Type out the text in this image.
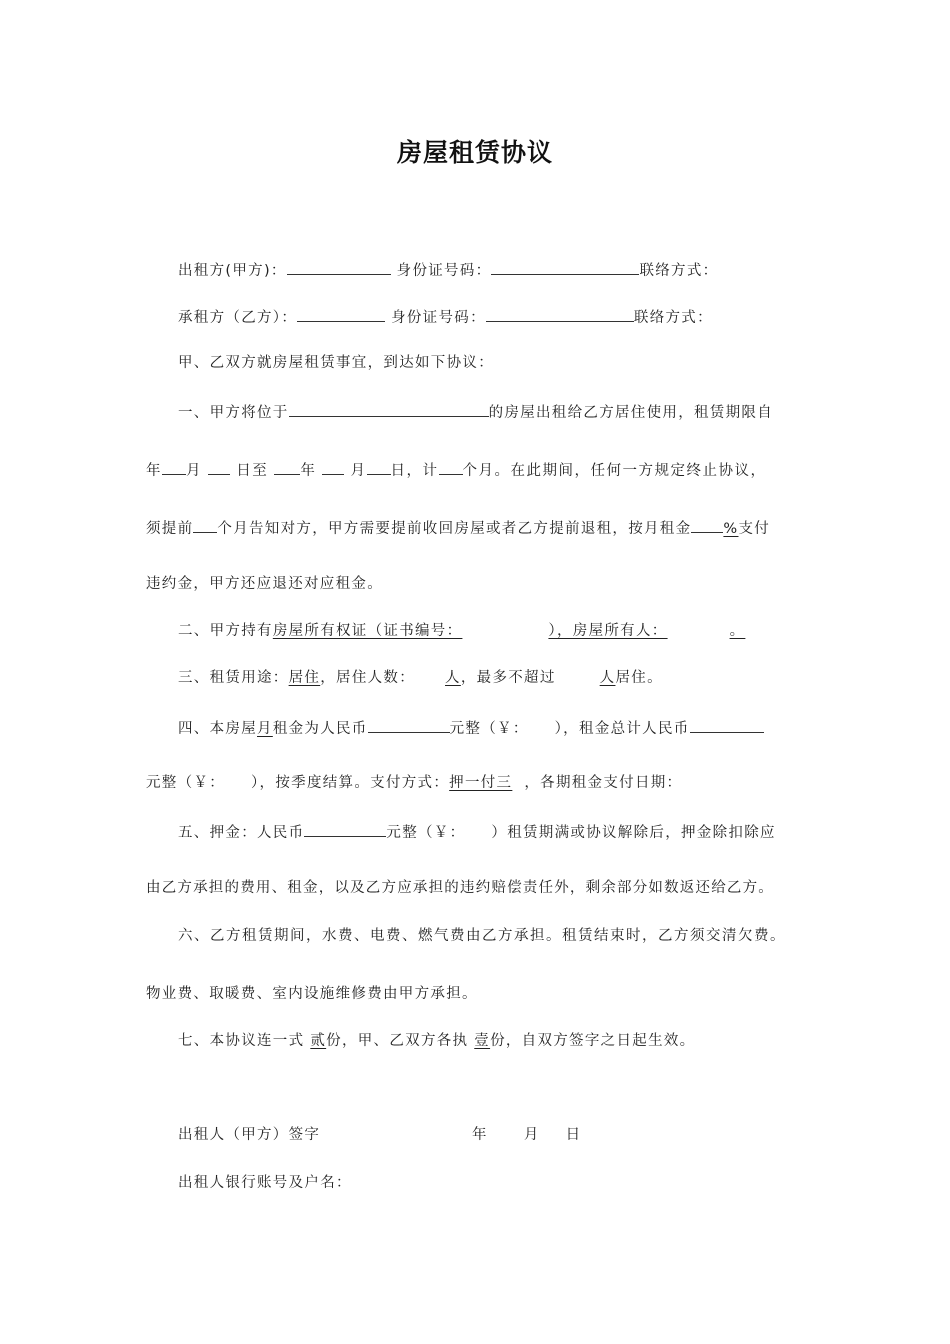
房屋租赁协议
出租方(甲方)：	身份证号码：	联络方式：
承租方（乙方）：	身份证号码：	联络方式：
甲、乙双方就房屋租赁事宜，到达如下协议：
一、甲方将位于	的房屋出租给乙方居住使用，租赁期限自
年 月 日至 年 月 日，计 个月。在此期间，任何一方规定终止协议，
须提前 个月告知对方，甲方需要提前收回房屋或者乙方提前退租，按月租金 %支付
违约金，甲方还应退还对应租金。
二、甲方持有房屋所有权证（证书编号：	），房屋所有人：	。
三、租赁用途：居住，居住人数： 人，最多不超过	人居住。
四、本房屋月租金为人民币	元整（￥： ），租金总计人民币
元整（￥： ），按季度结算。支付方式：押一付三 ，各期租金支付日期：
五、押金：人民币	元整（￥： ）租赁期满或协议解除后，押金除扣除应
由乙方承担的费用、租金，以及乙方应承担的违约赔偿责任外，剩余部分如数返还给乙方。
六、乙方租赁期间，水费、电费、燃气费由乙方承担。租赁结束时，乙方须交清欠费。
物业费、取暖费、室内设施维修费由甲方承担。
七、本协议连一式 贰份，甲、乙双方各执 壹份，自双方签字之日起生效。
出租人（甲方）签字	年 月 日
出租人银行账号及户名：
